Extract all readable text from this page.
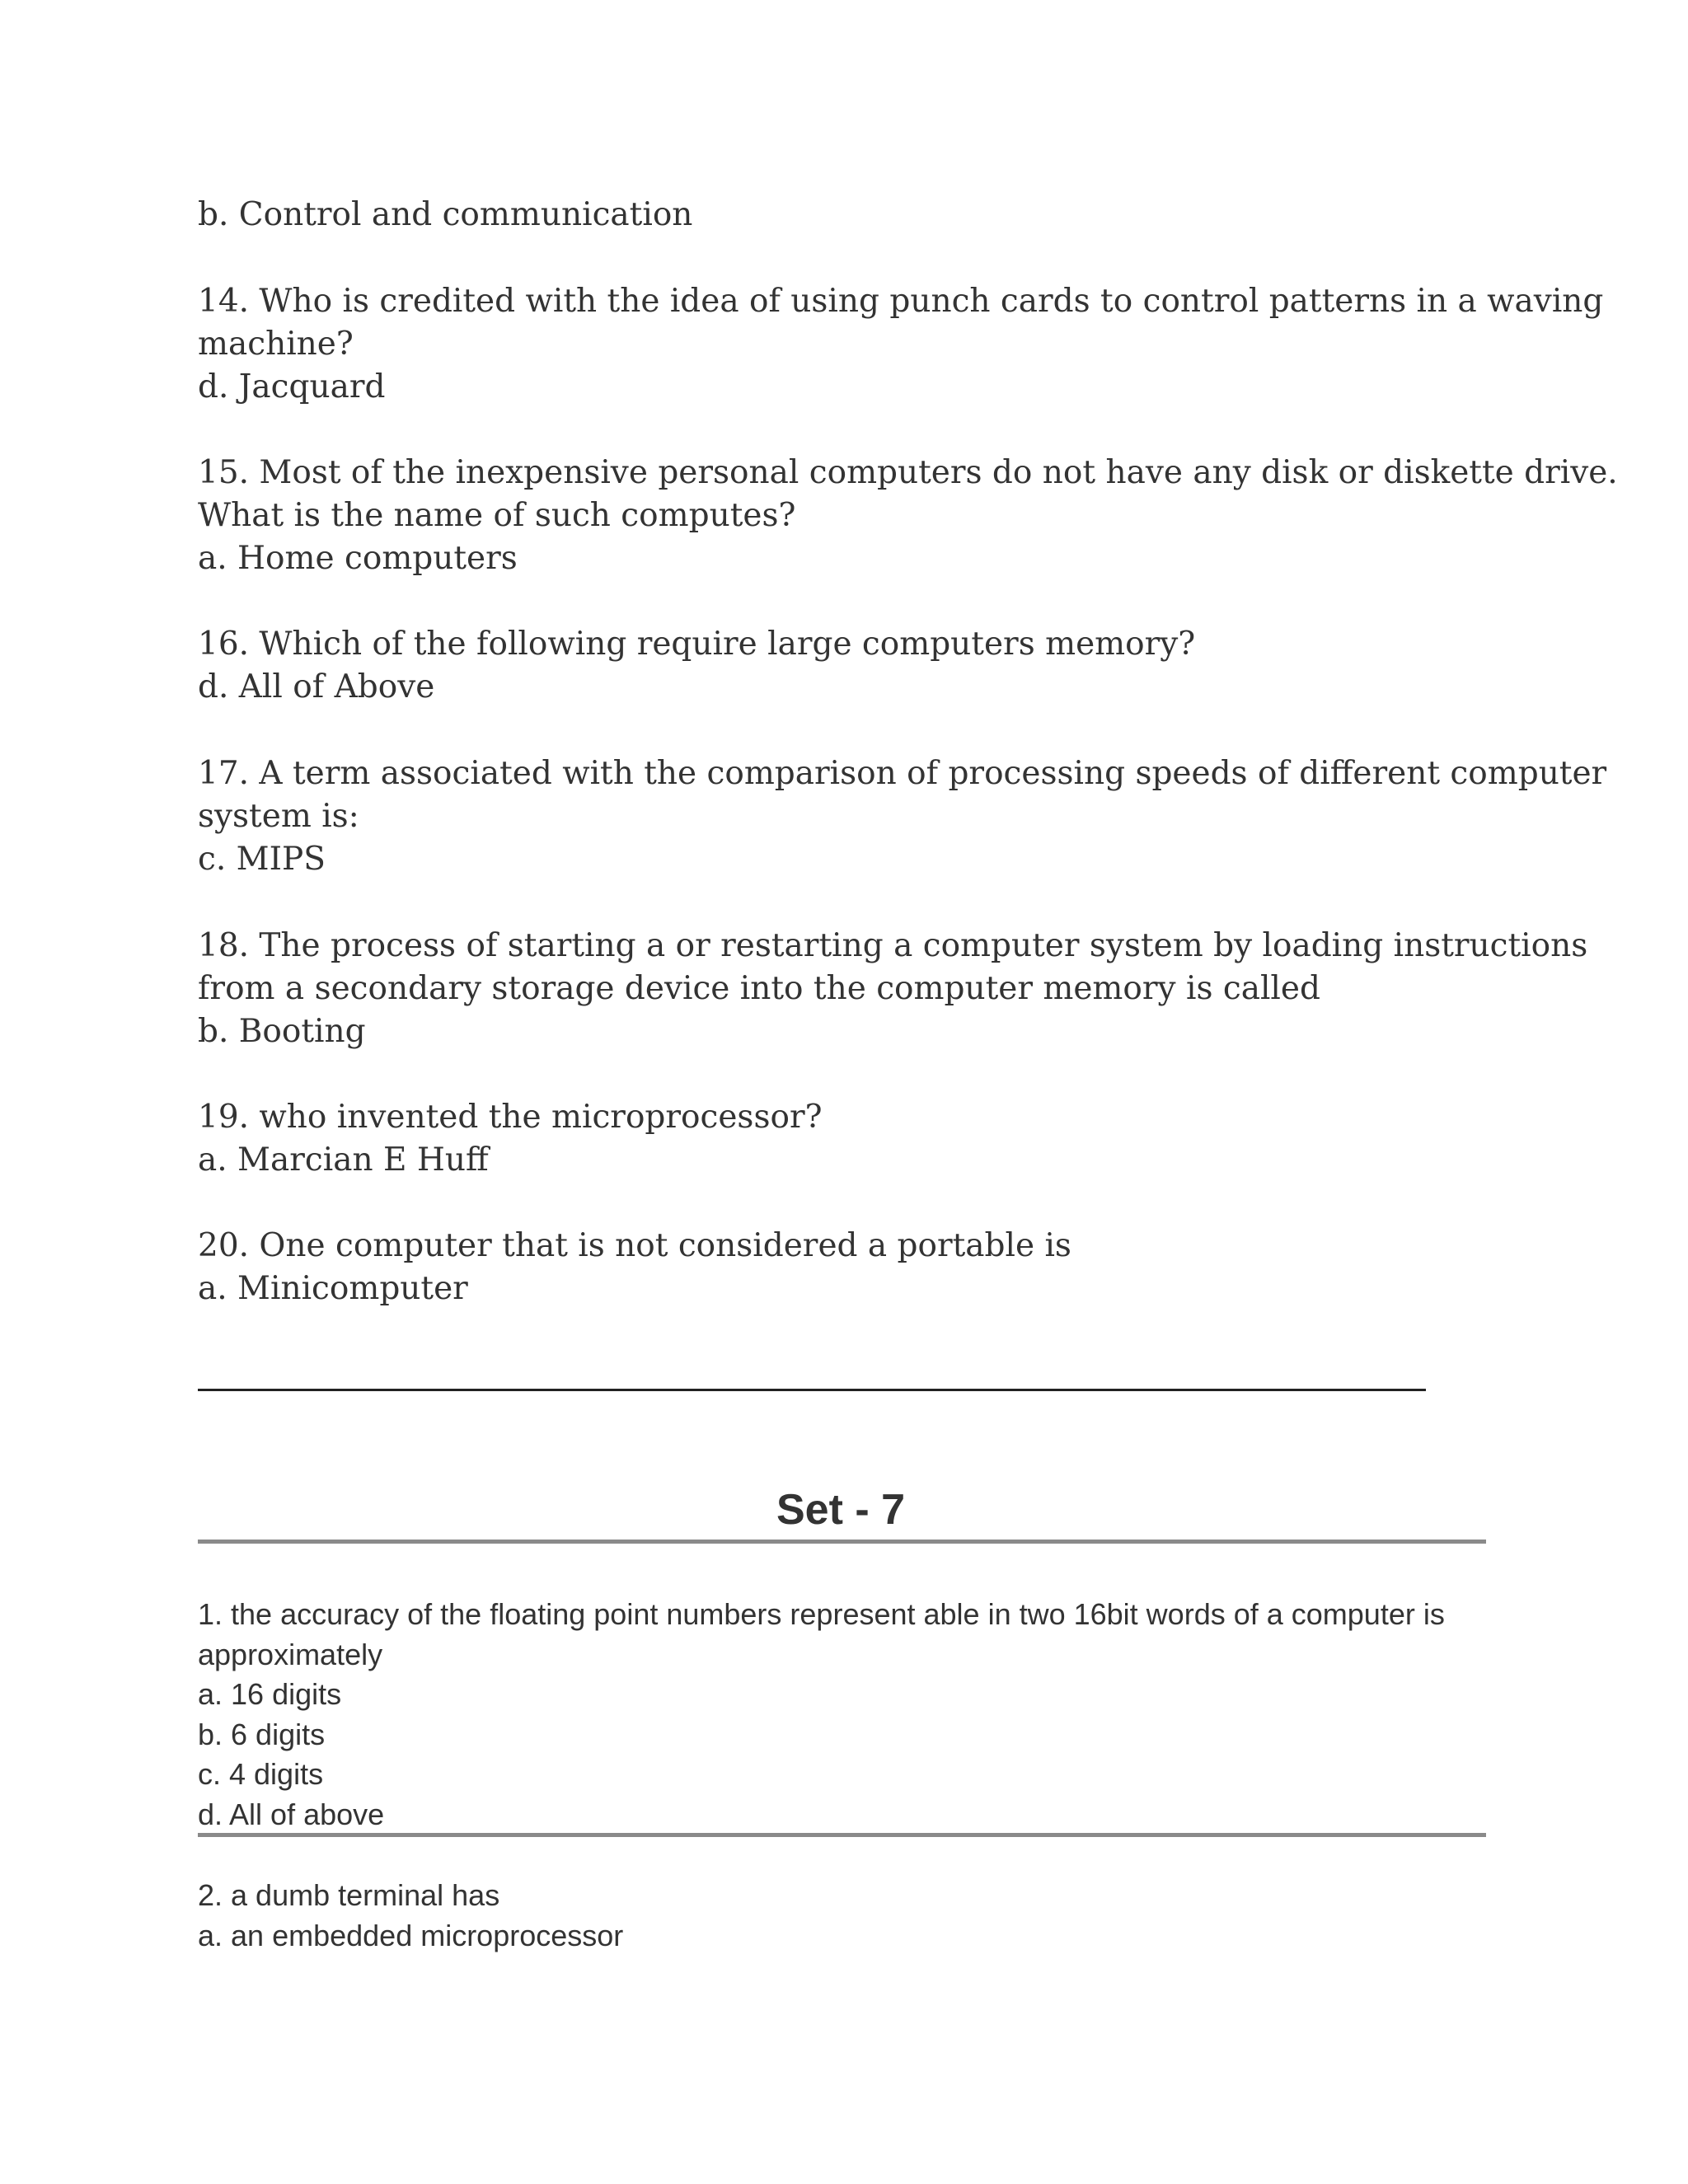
b. Control and communication
14. Who is credited with the idea of using punch cards to control patterns in a waving
machine?
d. Jacquard
15. Most of the inexpensive personal computers do not have any disk or diskette drive.
What is the name of such computes?
a. Home computers
16. Which of the following require large computers memory?
d. All of Above
17. A term associated with the comparison of processing speeds of different computer
system is:
c. MIPS
18. The process of starting a or restarting a computer system by loading instructions
from a secondary storage device into the computer memory is called
b. Booting
19. who invented the microprocessor?
a. Marcian E Huff
20. One computer that is not considered a portable is
a. Minicomputer
Set - 7
1. the accuracy of the floating point numbers represent able in two 16bit words of a computer is
approximately
a. 16 digits
b. 6 digits
c. 4 digits
d. All of above
2. a dumb terminal has
a. an embedded microprocessor
